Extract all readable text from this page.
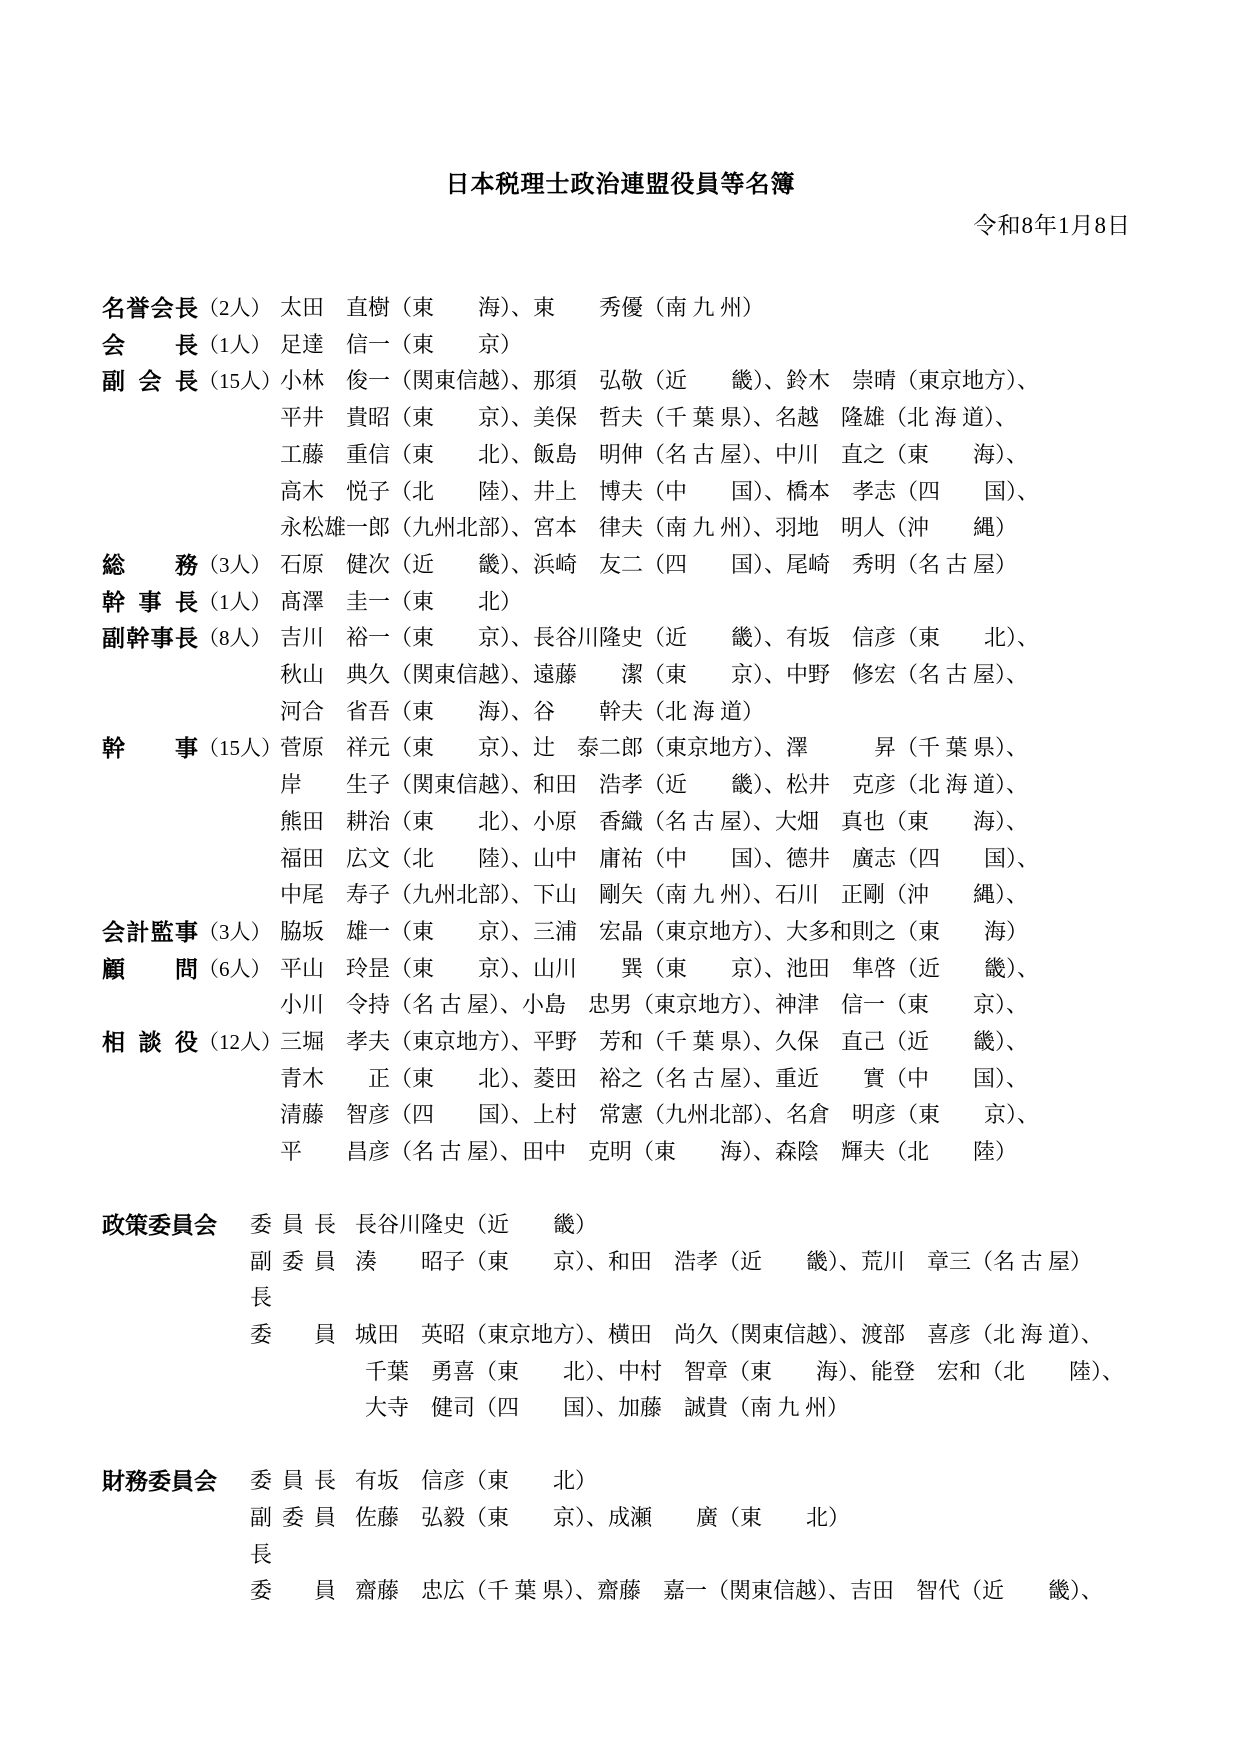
日本税理士政治連盟役員等名簿
令和8年1月8日
名誉会長 （2人） 太田　直樹（東　　海）、東　　秀優（南 九 州）
会長 （1人） 足達　信一（東　　京）
副会長 （15人）
小林　俊一（関東信越）、那須　弘敬（近　　畿）、鈴木　崇晴（東京地方）、
平井　貴昭（東　　京）、美保　哲夫（千 葉 県）、名越　隆雄（北 海 道）、
工藤　重信（東　　北）、飯島　明伸（名 古 屋）、中川　直之（東　　海）、
高木　悦子（北　　陸）、井上　博夫（中　　国）、橋本　孝志（四　　国）、
永松雄一郎（九州北部）、宮本　律夫（南 九 州）、羽地　明人（沖　　縄）
総務 （3人） 石原　健次（近　　畿）、浜崎　友二（四　　国）、尾崎　秀明（名 古 屋）
幹事長 （1人） 髙澤　圭一（東　　北）
副幹事長 （8人） 吉川　裕一（東　　京）、長谷川隆史（近　　畿）、有坂　信彦（東　　北）、
秋山　典久（関東信越）、遠藤　　潔（東　　京）、中野　修宏（名 古 屋）、
河合　省吾（東　　海）、谷　　幹夫（北 海 道）
幹事 （15人）
菅原　祥元（東　　京）、辻　泰二郎（東京地方）、澤　　　昇（千 葉 県）、
岸　　生子（関東信越）、和田　浩孝（近　　畿）、松井　克彦（北 海 道）、
熊田　耕治（東　　北）、小原　香織（名 古 屋）、大畑　真也（東　　海）、
福田　広文（北　　陸）、山中　庸祐（中　　国）、德井　廣志（四　　国）、
中尾　寿子（九州北部）、下山　剛矢（南 九 州）、石川　正剛（沖　　縄）、
会計監事 （3人） 脇坂　雄一（東　　京）、三浦　宏晶（東京地方）、大多和則之（東　　海）
顧問 （6人） 平山　玲昰（東　　京）、山川　　巽（東　　京）、池田　隼啓（近　　畿）、
小川　令持（名 古 屋）、小島　忠男（東京地方）、神津　信一（東　　京）、
相談役 （12人）
三堀　孝夫（東京地方）、平野　芳和（千 葉 県）、久保　直己（近　　畿）、
青木　　正（東　　北）、菱田　裕之（名 古 屋）、重近　　實（中　　国）、
清藤　智彦（四　　国）、上村　常憲（九州北部）、名倉　明彦（東　　京）、
平　　昌彦（名 古 屋）、田中　克明（東　　海）、森陰　輝夫（北　　陸）
政策委員会	委員長 長谷川隆史（近　　畿）
副委員長
湊　　昭子（東　　京）、和田　浩孝（近　　畿）、荒川　章三（名 古 屋）
委員 城田　英昭（東京地方）、横田　尚久（関東信越）、渡部　喜彦（北 海 道）、
千葉　勇喜（東　　北）、中村　智章（東　　海）、能登　宏和（北　　陸）、
大寺　健司（四　　国）、加藤　誠貴（南 九 州）
財務委員会	委員長 有坂　信彦（東　　北）
副委員長
佐藤　弘毅（東　　京）、成瀬　　廣（東　　北）
委員 齋藤　忠広（千 葉 県）、齋藤　嘉一（関東信越）、吉田　智代（近　　畿）、
